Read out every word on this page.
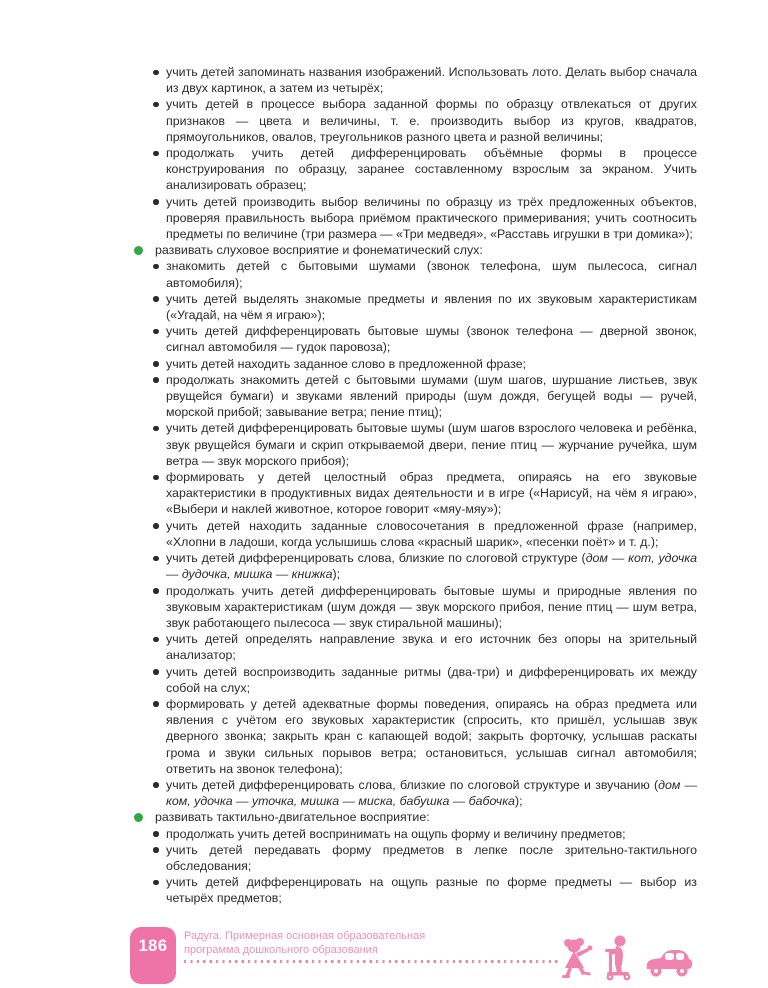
учить детей запоминать названия изображений. Использовать лото. Делать выбор сначала из двух картинок, а затем из четырёх;
учить детей в процессе выбора заданной формы по образцу отвлекаться от других признаков — цвета и величины, т. е. производить выбор из кругов, квадратов, прямоугольников, овалов, треугольников разного цвета и разной величины;
продолжать учить детей дифференцировать объёмные формы в процессе конструирования по образцу, заранее составленному взрослым за экраном. Учить анализировать образец;
учить детей производить выбор величины по образцу из трёх предложенных объектов, проверяя правильность выбора приёмом практического примеривания; учить соотносить предметы по величине (три размера — «Три медведя», «Расставь игрушки в три домика»);
развивать слуховое восприятие и фонематический слух:
знакомить детей с бытовыми шумами (звонок телефона, шум пылесоса, сигнал автомобиля);
учить детей выделять знакомые предметы и явления по их звуковым характеристикам («Угадай, на чём я играю»);
учить детей дифференцировать бытовые шумы (звонок телефона — дверной звонок, сигнал автомобиля — гудок паровоза);
учить детей находить заданное слово в предложенной фразе;
продолжать знакомить детей с бытовыми шумами (шум шагов, шуршание листьев, звук рвущейся бумаги) и звуками явлений природы (шум дождя, бегущей воды — ручей, морской прибой; завывание ветра; пение птиц);
учить детей дифференцировать бытовые шумы (шум шагов взрослого человека и ребёнка, звук рвущейся бумаги и скрип открываемой двери, пение птиц — журчание ручейка, шум ветра — звук морского прибоя);
формировать у детей целостный образ предмета, опираясь на его звуковые характеристики в продуктивных видах деятельности и в игре («Нарисуй, на чём я играю», «Выбери и наклей животное, которое говорит «мяу-мяу»);
учить детей находить заданные словосочетания в предложенной фразе (например, «Хлопни в ладоши, когда услышишь слова «красный шарик», «песенки поёт» и т. д.);
учить детей дифференцировать слова, близкие по слоговой структуре (дом — кот, удочка — дудочка, мишка — книжка);
продолжать учить детей дифференцировать бытовые шумы и природные явления по звуковым характеристикам (шум дождя — звук морского прибоя, пение птиц — шум ветра, звук работающего пылесоса — звук стиральной машины);
учить детей определять направление звука и его источник без опоры на зрительный анализатор;
учить детей воспроизводить заданные ритмы (два-три) и дифференцировать их между собой на слух;
формировать у детей адекватные формы поведения, опираясь на образ предмета или явления с учётом его звуковых характеристик (спросить, кто пришёл, услышав звук дверного звонка; закрыть кран с капающей водой; закрыть форточку, услышав раскаты грома и звуки сильных порывов ветра; остановиться, услышав сигнал автомобиля; ответить на звонок телефона);
учить детей дифференцировать слова, близкие по слоговой структуре и звучанию (дом — ком, удочка — уточка, мишка — миска, бабушка — бабочка);
развивать тактильно-двигательное восприятие:
продолжать учить детей воспринимать на ощупь форму и величину предметов;
учить детей передавать форму предметов в лепке после зрительно-тактильного обследования;
учить детей дифференцировать на ощупь разные по форме предметы — выбор из четырёх предметов;
186
Радуга. Примерная основная образовательная
программа дошкольного образования
